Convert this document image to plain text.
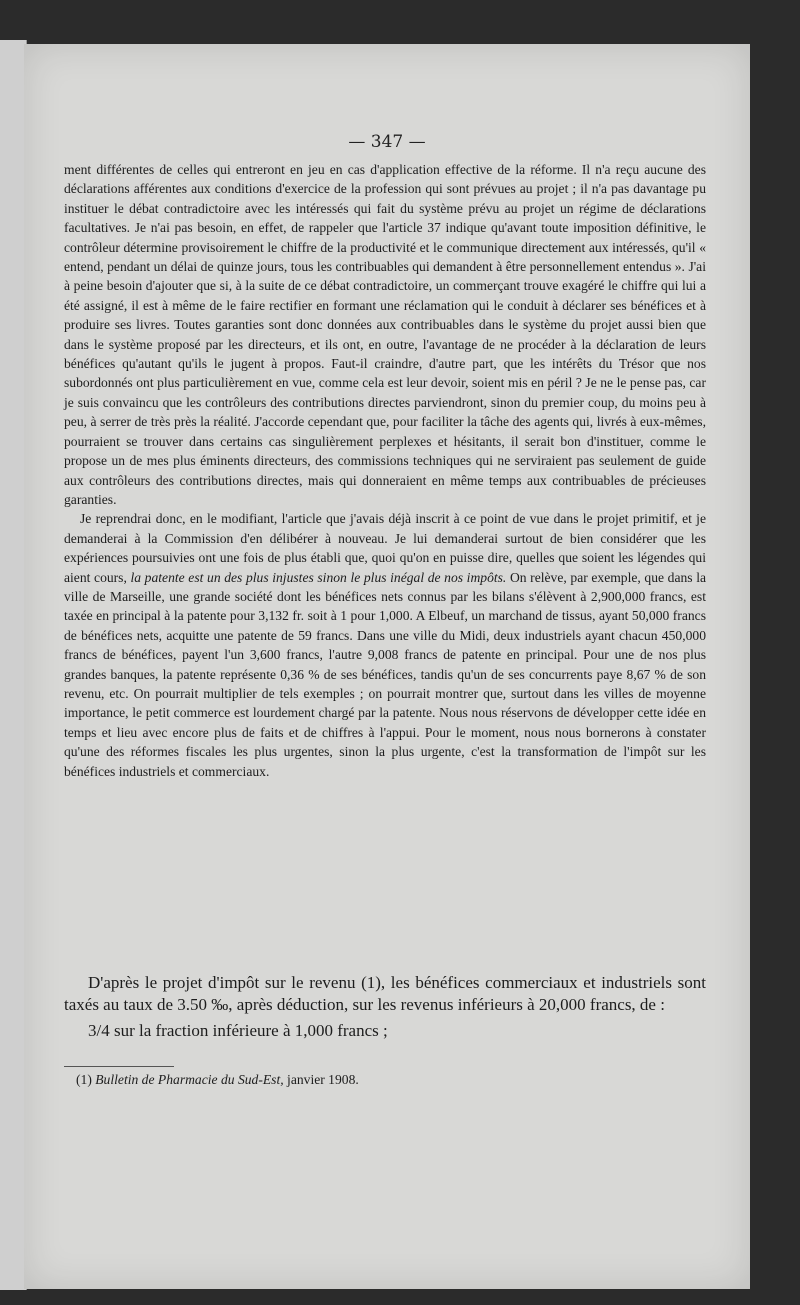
— 347 —

ment différentes de celles qui entreront en jeu en cas d'application effective de la réforme. Il n'a reçu aucune des déclarations afférentes aux conditions d'exercice de la profession qui sont prévues au projet ; il n'a pas davantage pu instituer le débat contradictoire avec les intéressés qui fait du système prévu au projet un régime de déclarations facultatives. Je n'ai pas besoin, en effet, de rappeler que l'article 37 indique qu'avant toute imposition définitive, le contrôleur détermine provisoirement le chiffre de la productivité et le communique directement aux intéressés, qu'il « entend, pendant un délai de quinze jours, tous les contribuables qui demandent à être personnellement entendus ». J'ai à peine besoin d'ajouter que si, à la suite de ce débat contradictoire, un commerçant trouve exagéré le chiffre qui lui a été assigné, il est à même de le faire rectifier en formant une réclamation qui le conduit à déclarer ses bénéfices et à produire ses livres. Toutes garanties sont donc données aux contribuables dans le système du projet aussi bien que dans le système proposé par les directeurs, et ils ont, en outre, l'avantage de ne procéder à la déclaration de leurs bénéfices qu'autant qu'ils le jugent à propos. Faut-il craindre, d'autre part, que les intérêts du Trésor que nos subordonnés ont plus particulièrement en vue, comme cela est leur devoir, soient mis en péril ? Je ne le pense pas, car je suis convaincu que les contrôleurs des contributions directes parviendront, sinon du premier coup, du moins peu à peu, à serrer de très près la réalité. J'accorde cependant que, pour faciliter la tâche des agents qui, livrés à eux-mêmes, pourraient se trouver dans certains cas singulièrement perplexes et hésitants, il serait bon d'instituer, comme le propose un de mes plus éminents directeurs, des commissions techniques qui ne serviraient pas seulement de guide aux contrôleurs des contributions directes, mais qui donneraient en même temps aux contribuables de précieuses garanties.

Je reprendrai donc, en le modifiant, l'article que j'avais déjà inscrit à ce point de vue dans le projet primitif, et je demanderai à la Commission d'en délibérer à nouveau. Je lui demanderai surtout de bien considérer que les expériences poursuivies ont une fois de plus établi que, quoi qu'on en puisse dire, quelles que soient les légendes qui aient cours, la patente est un des plus injustes sinon le plus inégal de nos impôts. On relève, par exemple, que dans la ville de Marseille, une grande société dont les bénéfices nets connus par les bilans s'élèvent à 2,900,000 francs, est taxée en principal à la patente pour 3,132 fr. soit à 1 pour 1,000. A Elbeuf, un marchand de tissus, ayant 50,000 francs de bénéfices nets, acquitte une patente de 59 francs. Dans une ville du Midi, deux industriels ayant chacun 450,000 francs de bénéfices, payent l'un 3,600 francs, l'autre 9,008 francs de patente en principal. Pour une de nos plus grandes banques, la patente représente 0,36 % de ses bénéfices, tandis qu'un de ses concurrents paye 8,67 % de son revenu, etc. On pourrait multiplier de tels exemples ; on pourrait montrer que, surtout dans les villes de moyenne importance, le petit commerce est lourdement chargé par la patente. Nous nous réservons de développer cette idée en temps et lieu avec encore plus de faits et de chiffres à l'appui. Pour le moment, nous nous bornerons à constater qu'une des réformes fiscales les plus urgentes, sinon la plus urgente, c'est la transformation de l'impôt sur les bénéfices industriels et commerciaux.

D'après le projet d'impôt sur le revenu (1), les bénéfices commerciaux et industriels sont taxés au taux de 3.50 ‰, après déduction, sur les revenus inférieurs à 20,000 francs, de :

3/4 sur la fraction inférieure à 1,000 francs ;

(1) Bulletin de Pharmacie du Sud-Est, janvier 1908.
